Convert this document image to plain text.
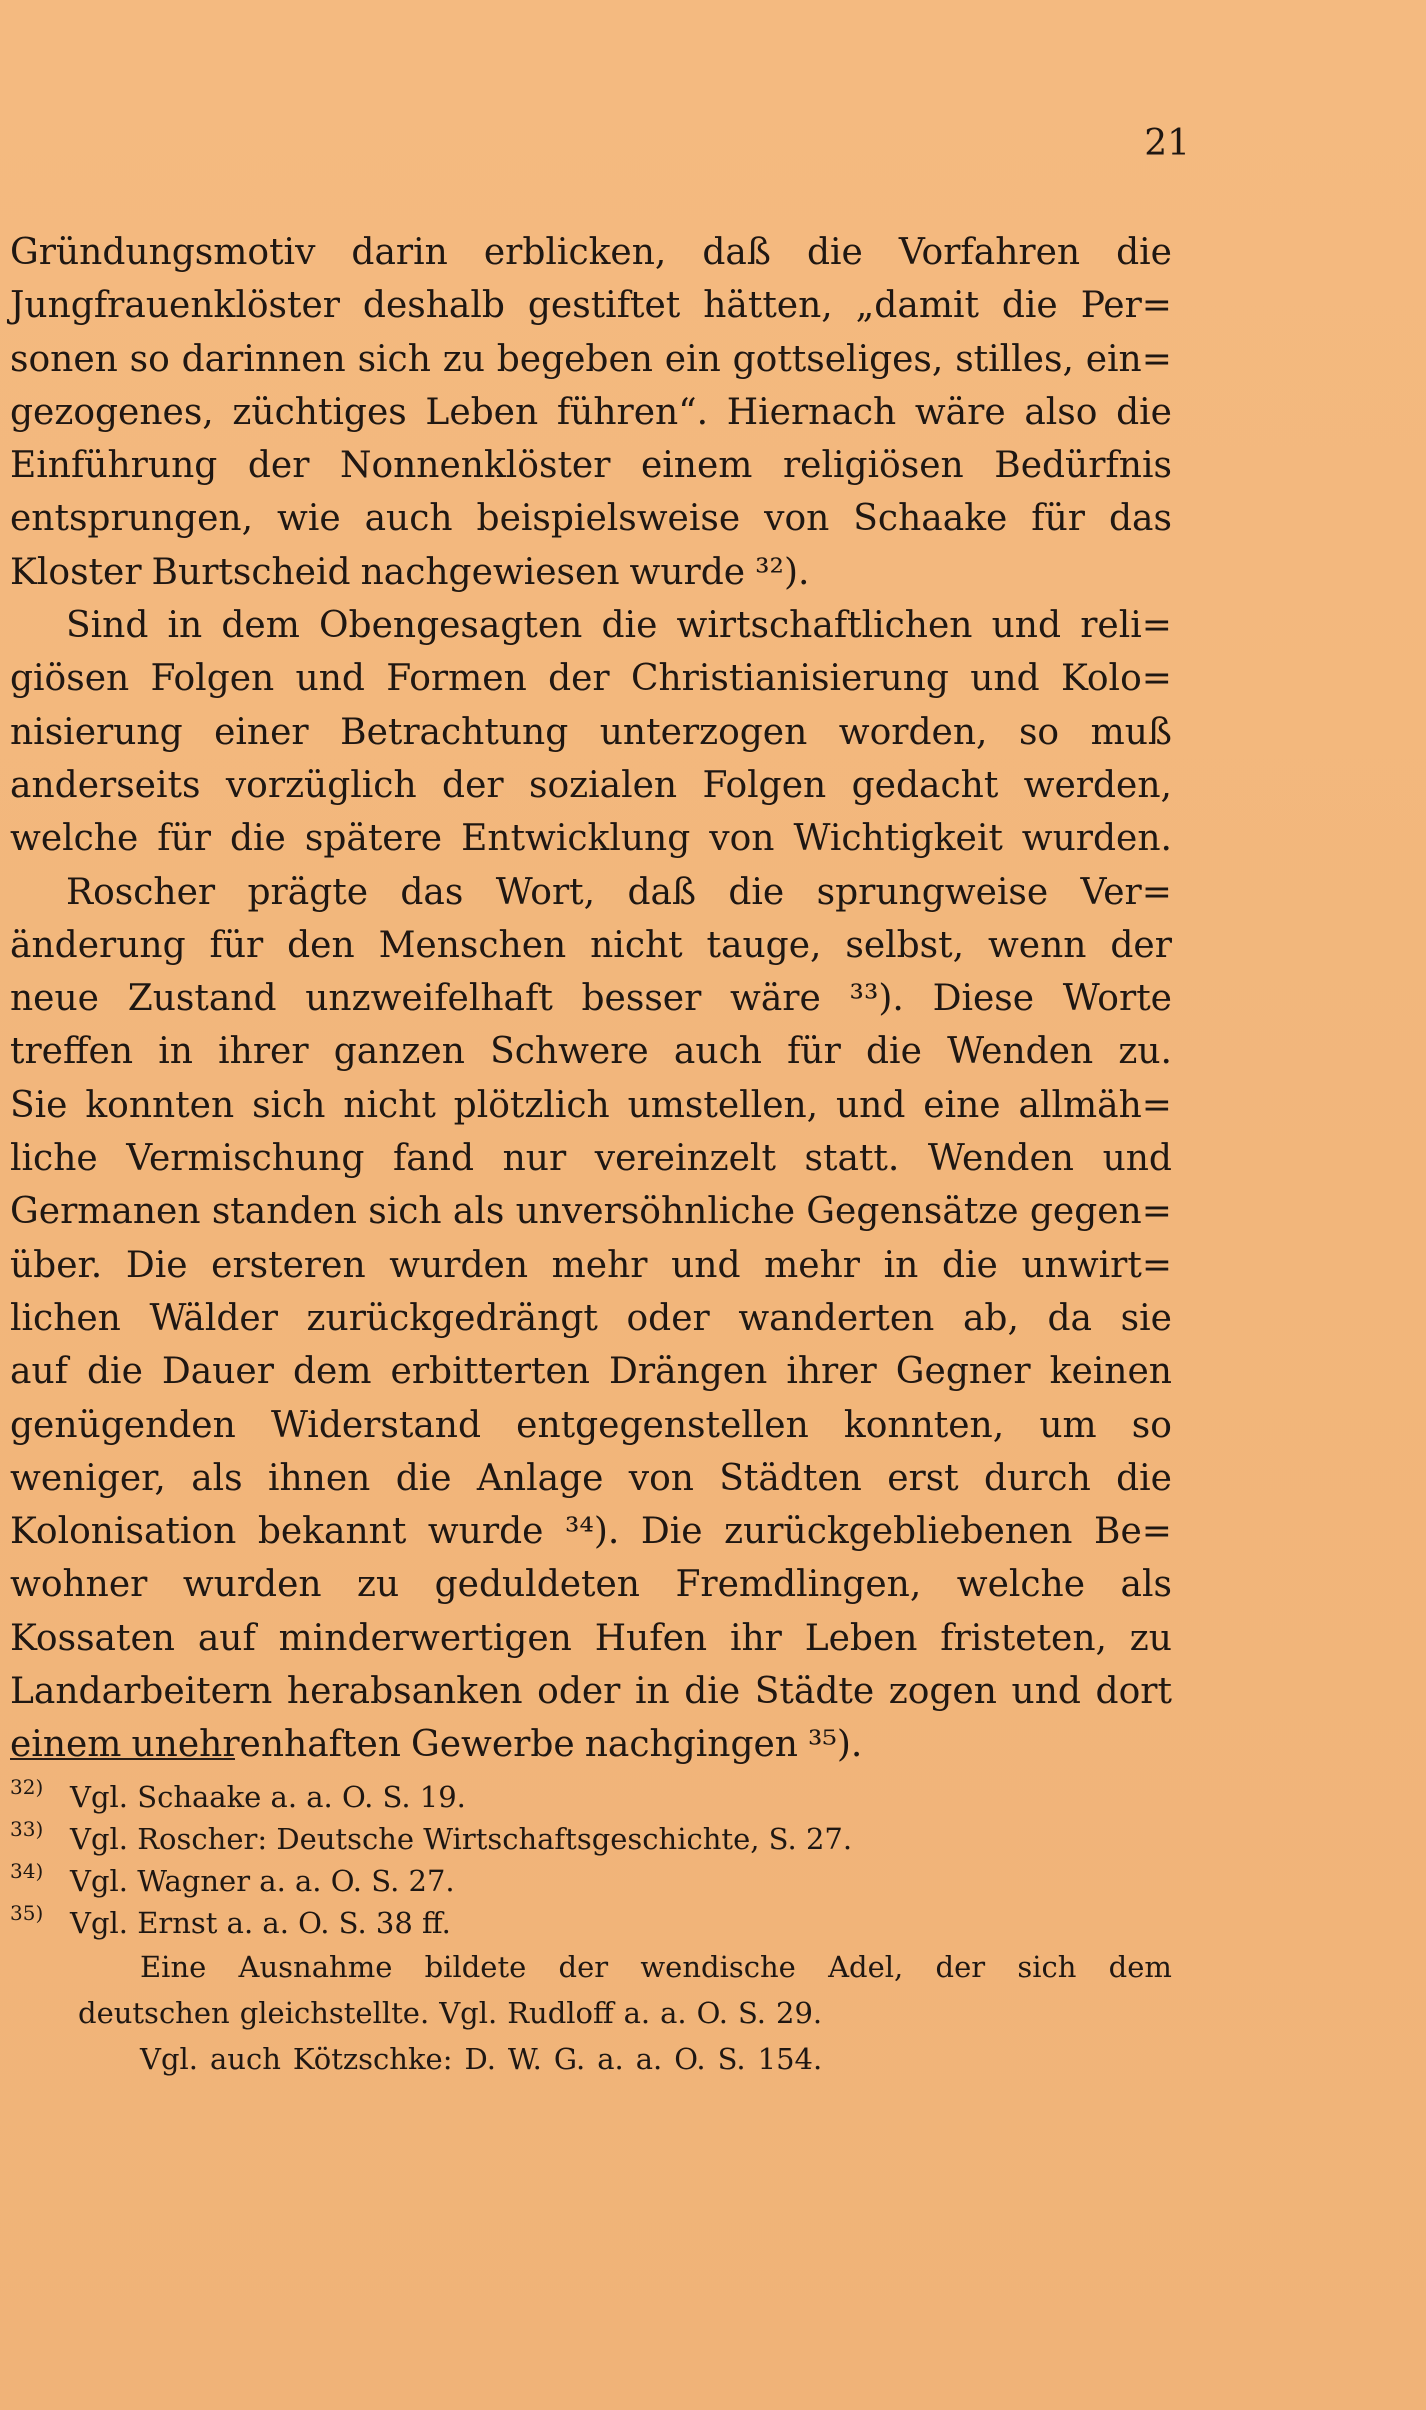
21
Gründungsmotiv darin erblicken, daß die Vorfahren die
Jungfrauenklöster deshalb gestiftet hätten, „damit die Per=
sonen so darinnen sich zu begeben ein gottseliges, stilles, ein=
gezogenes, züchtiges Leben führen“. Hiernach wäre also die
Einführung der Nonnenklöster einem religiösen Bedürfnis
entsprungen, wie auch beispielsweise von Schaake für das
Kloster Burtscheid nachgewiesen wurde ³²).
Sind in dem Obengesagten die wirtschaftlichen und reli=
giösen Folgen und Formen der Christianisierung und Kolo=
nisierung einer Betrachtung unterzogen worden, so muß
anderseits vorzüglich der sozialen Folgen gedacht werden,
welche für die spätere Entwicklung von Wichtigkeit wurden.
Roscher prägte das Wort, daß die sprungweise Ver=
änderung für den Menschen nicht tauge, selbst, wenn der
neue Zustand unzweifelhaft besser wäre ³³). Diese Worte
treffen in ihrer ganzen Schwere auch für die Wenden zu.
Sie konnten sich nicht plötzlich umstellen, und eine allmäh=
liche Vermischung fand nur vereinzelt statt. Wenden und
Germanen standen sich als unversöhnliche Gegensätze gegen=
über. Die ersteren wurden mehr und mehr in die unwirt=
lichen Wälder zurückgedrängt oder wanderten ab, da sie
auf die Dauer dem erbitterten Drängen ihrer Gegner keinen
genügenden Widerstand entgegenstellen konnten, um so
weniger, als ihnen die Anlage von Städten erst durch die
Kolonisation bekannt wurde ³⁴). Die zurückgebliebenen Be=
wohner wurden zu geduldeten Fremdlingen, welche als
Kossaten auf minderwertigen Hufen ihr Leben fristeten, zu
Landarbeitern herabsanken oder in die Städte zogen und dort
einem unehrenhaften Gewerbe nachgingen ³⁵).
32) Vgl. Schaake a. a. O. S. 19.
33) Vgl. Roscher: Deutsche Wirtschaftsgeschichte, S. 27.
34) Vgl. Wagner a. a. O. S. 27.
35) Vgl. Ernst a. a. O. S. 38 ff.
Eine Ausnahme bildete der wendische Adel, der sich dem
deutschen gleichstellte. Vgl. Rudloff a. a. O. S. 29.
Vgl. auch Kötzschke: D. W. G. a. a. O. S. 154.
